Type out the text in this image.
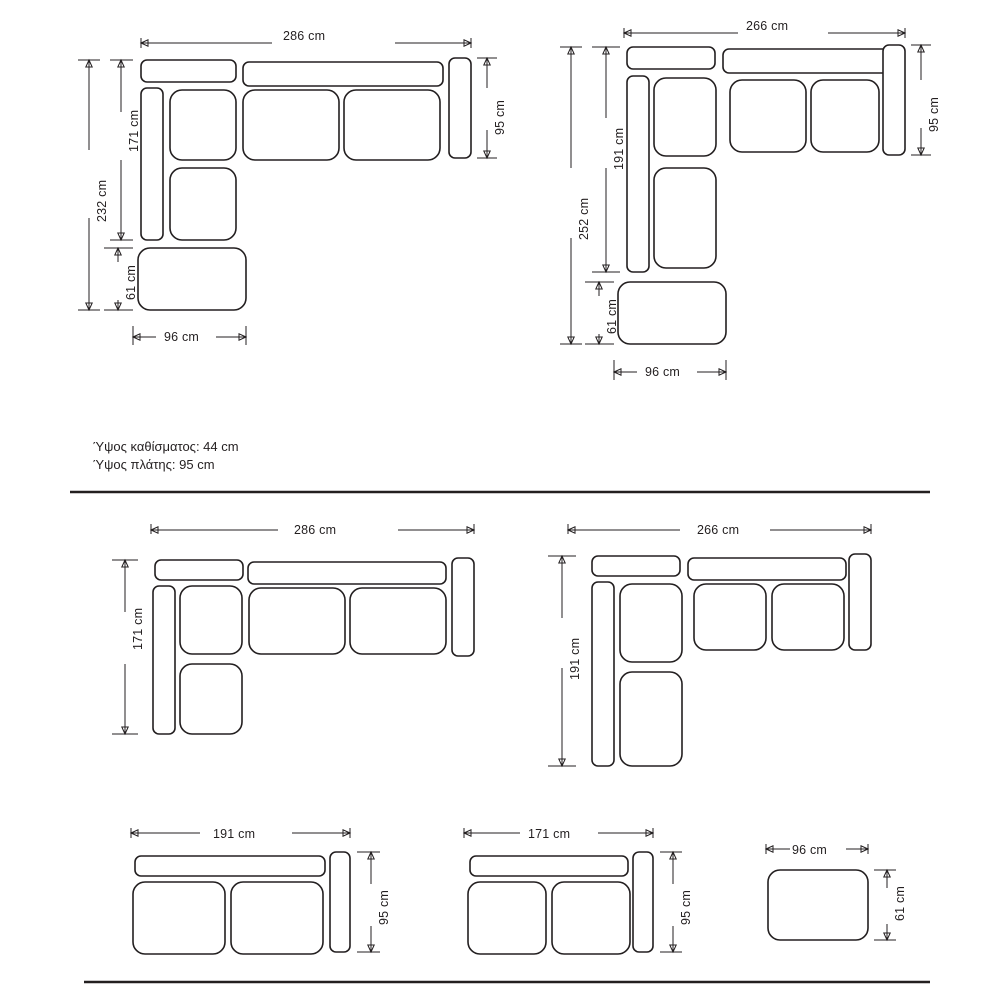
286 cm
95 cm
171 cm
61 cm
232 cm
96 cm
266 cm
95 cm
191 cm
61 cm
252 cm
96 cm
Ύψος καθίσματος: 44 cm
Ύψος πλάτης: 95 cm
286 cm
171 cm
266 cm
191 cm
191 cm
95 cm
171 cm
95 cm
96 cm
61 cm
